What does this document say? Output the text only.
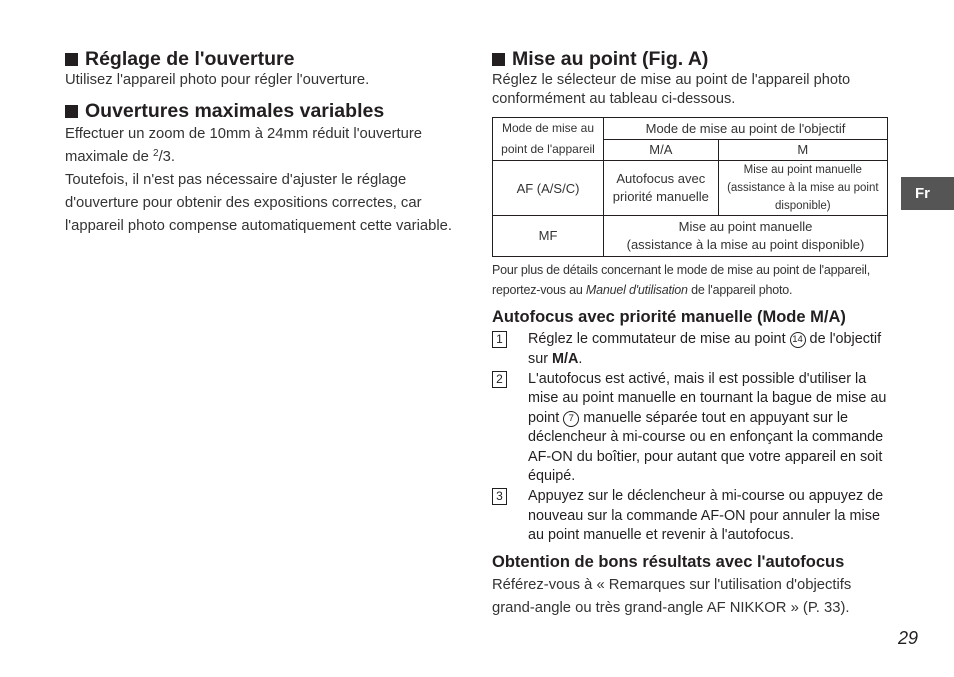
Réglage de l'ouverture

Utilisez l'appareil photo pour régler l'ouverture.

Ouvertures maximales variables

Effectuer un zoom de 10mm à 24mm réduit l'ouverture maximale de $^2$/3.

Toutefois, il n'est pas nécessaire d'ajuster le réglage d'ouverture pour obtenir des expositions correctes, car l'appareil photo compense automatiquement cette variable.

Mise au point (Fig. A)

Réglez le sélecteur de mise au point de l'appareil photo conformément au tableau ci-dessous.

Mode de mise au point de l'appareil	Mode de mise au point de l'objectif	
	M/A	M
AF (A/S/C)	Autofocus avec priorité manuelle	Mise au point manuelle (assistance à la mise au point disponible)
MF	Mise au point manuelle
(assistance à la mise au point disponible)	

Pour plus de détails concernant le mode de mise au point de l'appareil, reportez-vous au Manuel d'utilisation de l'appareil photo.

Autofocus avec priorité manuelle (Mode M/A)
1 Réglez le commutateur de mise au point 14 de l'objectif sur M/A.
2 L'autofocus est activé, mais il est possible d'utiliser la mise au point manuelle en tournant la bague de mise au point 7 manuelle séparée tout en appuyant sur le déclencheur à mi-course ou en enfonçant la commande AF-ON du boîtier, pour autant que votre appareil en soit équipé.
3 Appuyez sur le déclencheur à mi-course ou appuyez de nouveau sur la commande AF-ON pour annuler la mise au point manuelle et revenir à l'autofocus.
Obtention de bons résultats avec l'autofocus

Référez-vous à « Remarques sur l'utilisation d'objectifs grand-angle ou très grand-angle AF NIKKOR » (P. 33).

Fr
29
